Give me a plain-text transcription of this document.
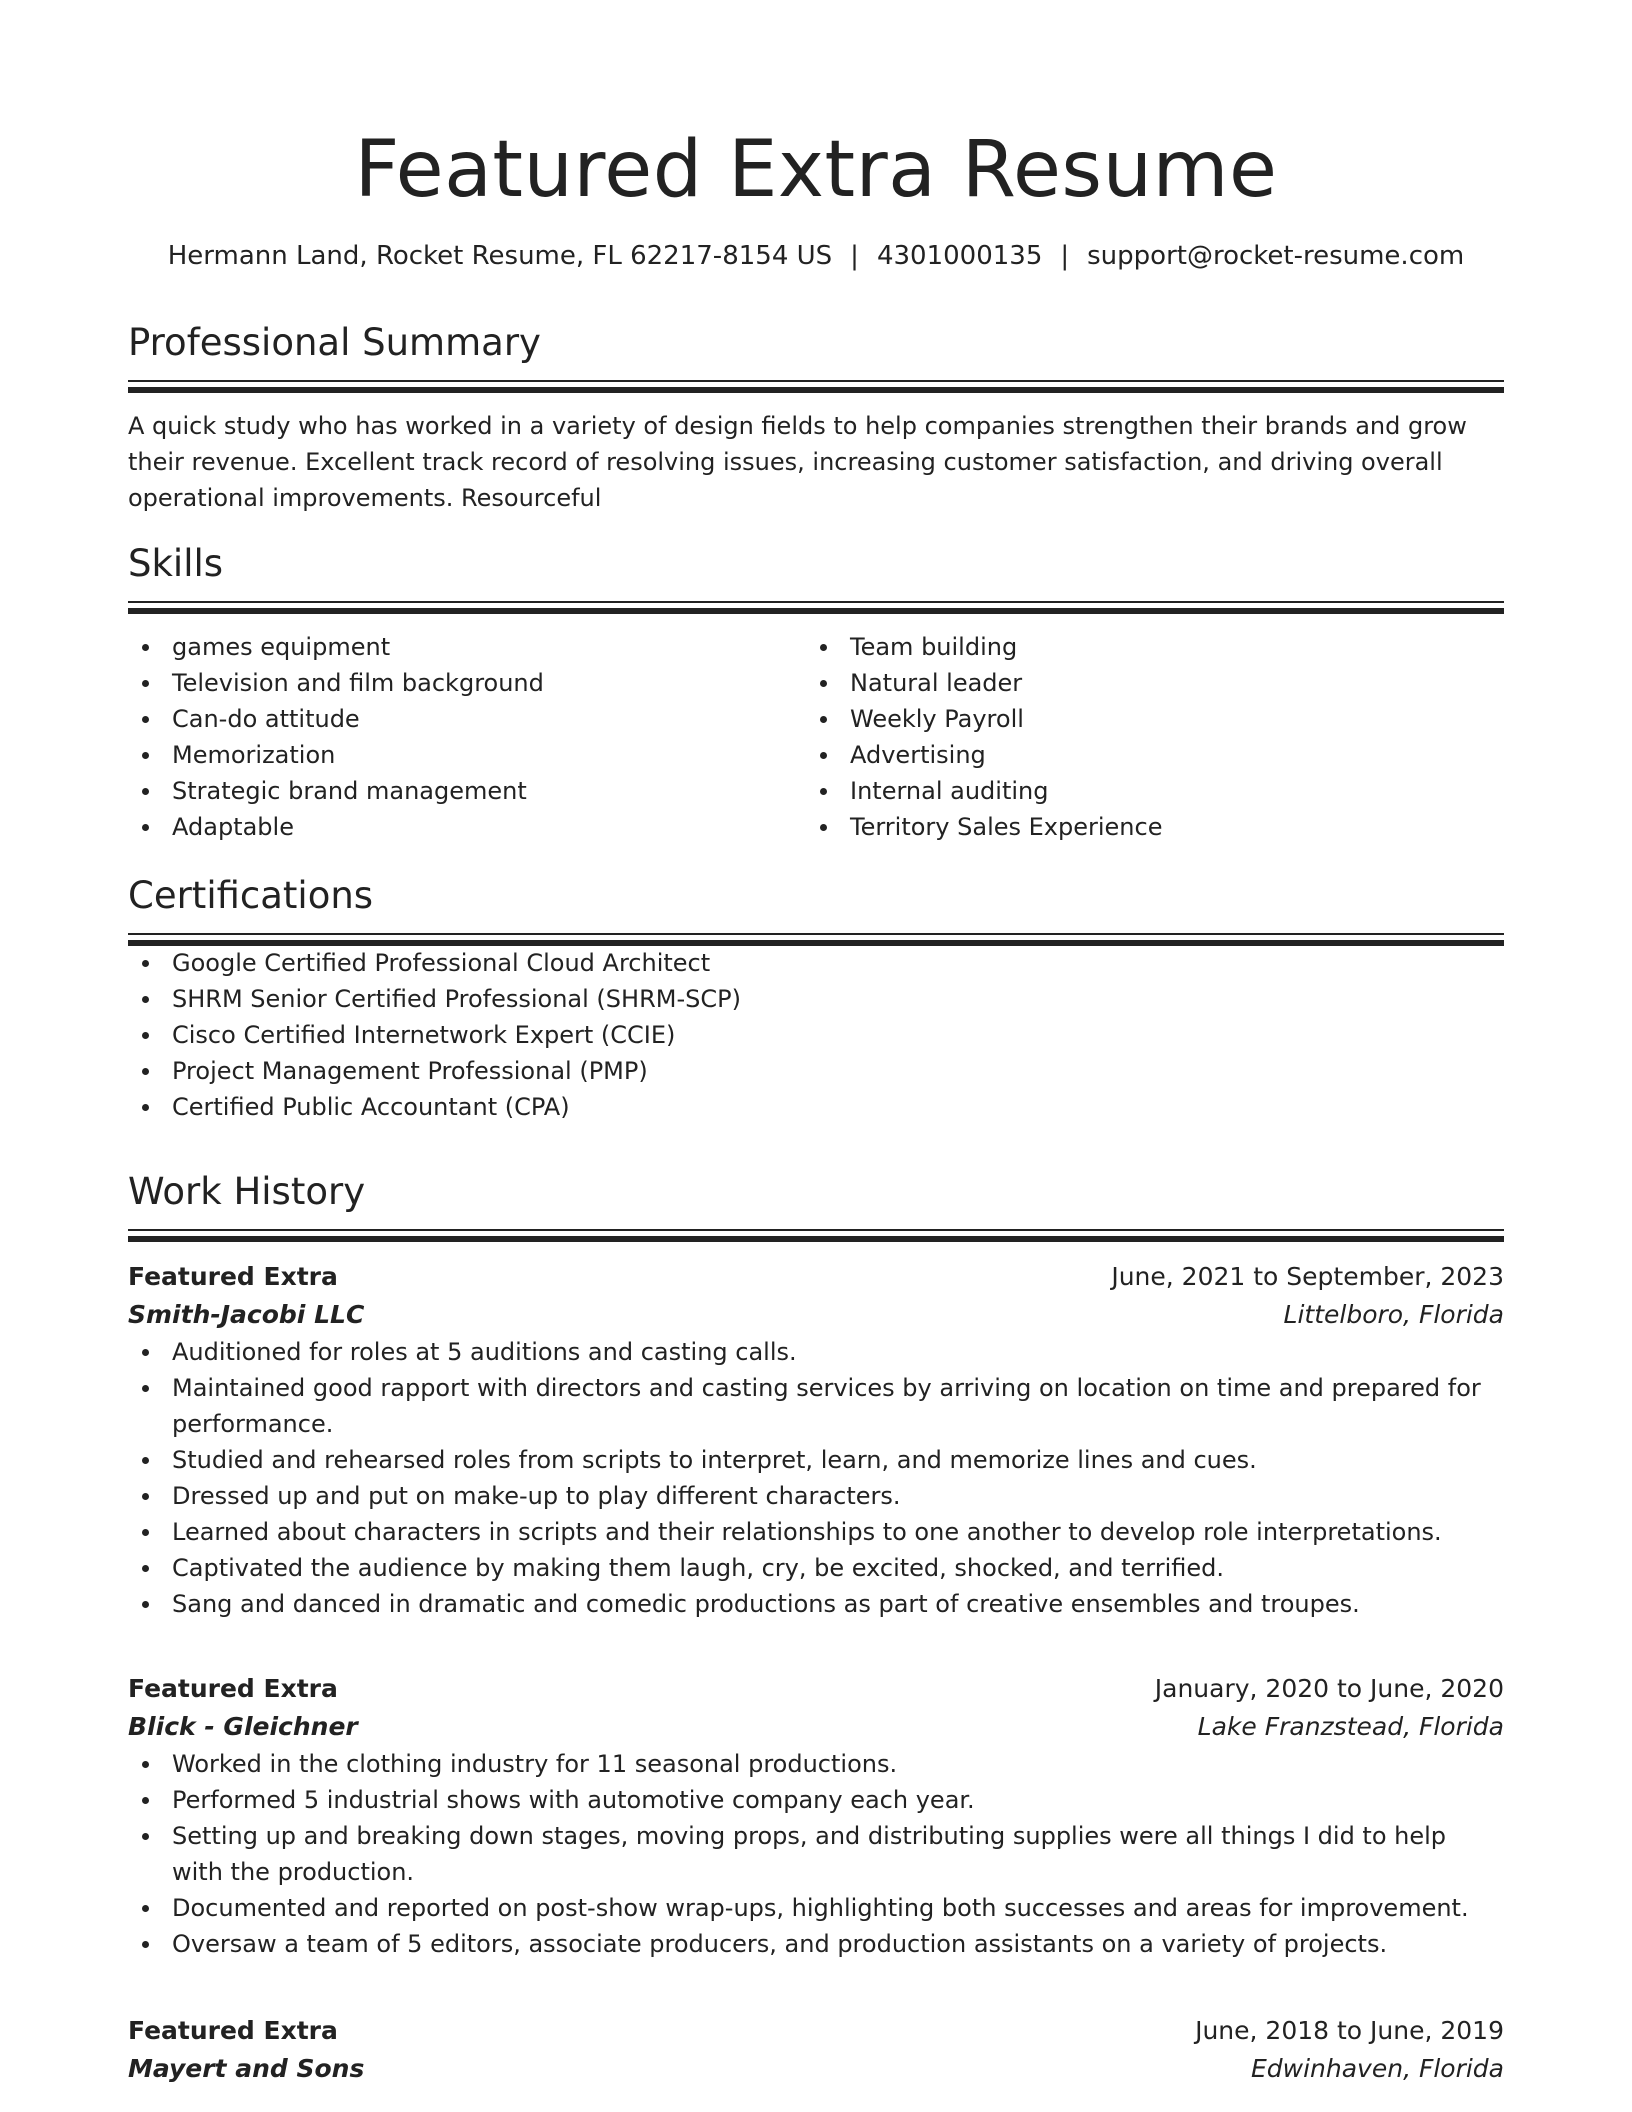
Featured Extra Resume
Hermann Land, Rocket Resume, FL 62217-8154 US | 4301000135 | support@rocket-resume.com
Professional Summary
A quick study who has worked in a variety of design fields to help companies strengthen their brands and grow their revenue. Excellent track record of resolving issues, increasing customer satisfaction, and driving overall operational improvements. Resourceful
Skills
games equipment
Television and film background
Can-do attitude
Memorization
Strategic brand management
Adaptable
Team building
Natural leader
Weekly Payroll
Advertising
Internal auditing
Territory Sales Experience
Certifications
Google Certified Professional Cloud Architect
SHRM Senior Certified Professional (SHRM-SCP)
Cisco Certified Internetwork Expert (CCIE)
Project Management Professional (PMP)
Certified Public Accountant (CPA)
Work History
Featured Extra	June, 2021 to September, 2023
Smith-Jacobi LLC	Littelboro, Florida
Auditioned for roles at 5 auditions and casting calls.
Maintained good rapport with directors and casting services by arriving on location on time and prepared for performance.
Studied and rehearsed roles from scripts to interpret, learn, and memorize lines and cues.
Dressed up and put on make-up to play different characters.
Learned about characters in scripts and their relationships to one another to develop role interpretations.
Captivated the audience by making them laugh, cry, be excited, shocked, and terrified.
Sang and danced in dramatic and comedic productions as part of creative ensembles and troupes.
Featured Extra	January, 2020 to June, 2020
Blick - Gleichner	Lake Franzstead, Florida
Worked in the clothing industry for 11 seasonal productions.
Performed 5 industrial shows with automotive company each year.
Setting up and breaking down stages, moving props, and distributing supplies were all things I did to help with the production.
Documented and reported on post-show wrap-ups, highlighting both successes and areas for improvement.
Oversaw a team of 5 editors, associate producers, and production assistants on a variety of projects.
Featured Extra	June, 2018 to June, 2019
Mayert and Sons	Edwinhaven, Florida
